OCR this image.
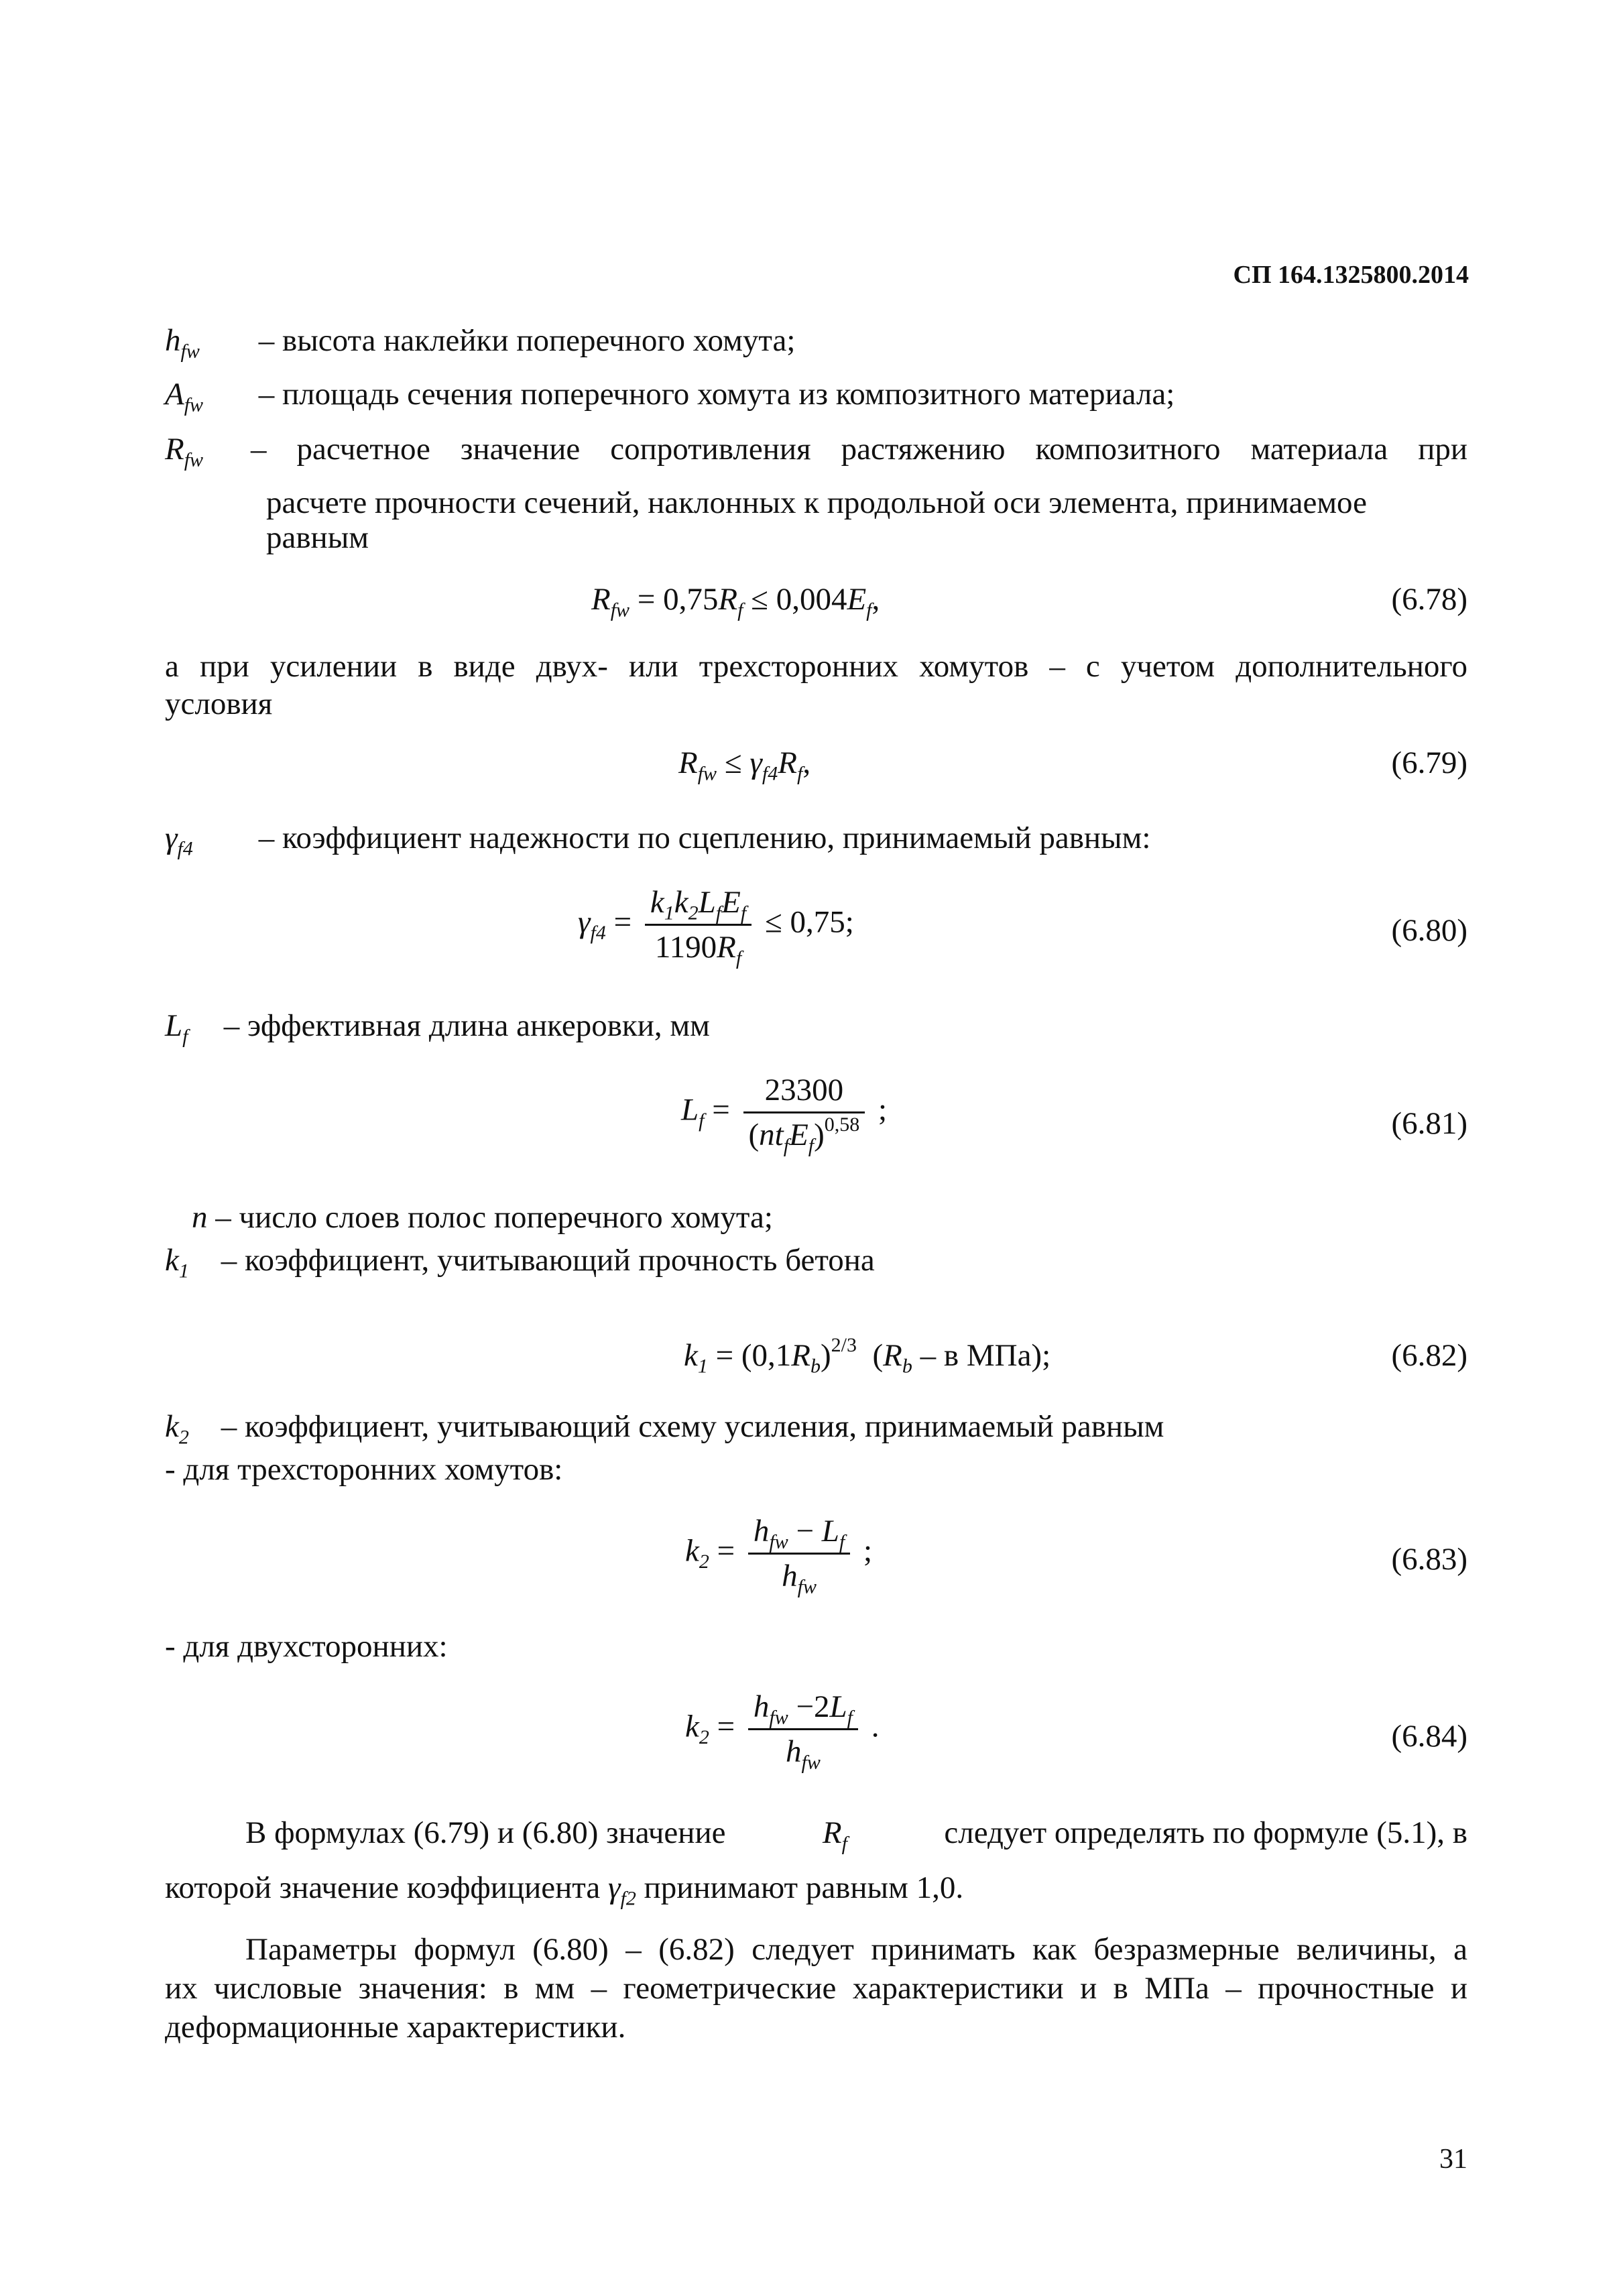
СП 164.1325800.2014
$h_{fw}$ – высота наклейки поперечного хомута;
$A_{fw}$ – площадь сечения поперечного хомута из композитного материала;
$R_{fw}$	– расчетное значение сопротивления растяжению композитного материала при
расчете прочности сечений, наклонных к продольной оси элемента, принимаемое
равным
$R_{fw} = 0,75R_f \le 0,004E_f$,	(6.78)
а при усилении в виде двух- или трехсторонних хомутов – с учетом дополнительного
условия
$R_{fw} \le \gamma_{f4}R_f$,	(6.79)
$\gamma_{f4}$ – коэффициент надежности по сцеплению, принимаемый равным:
$\gamma_{f4} = \frac{k_1k_2L_fE_f}{1190R_f} \le 0,75$;	(6.80)
$L_f$ – эффективная длина анкеровки, мм
$L_f = \frac{23300}{(nt_fE_f)^{0,58}}$ ;	(6.81)
n – число слоев полос поперечного хомута;
$k_1$ – коэффициент, учитывающий прочность бетона
$k_1 = (0,1R_b)^{2/3}$  ($R_b$ – в МПа);	(6.82)
$k_2$ – коэффициент, учитывающий схему усиления, принимаемый равным
- для трехсторонних хомутов:
$k_2 = \frac{h_{fw} - L_f}{h_{fw}}$ ;	(6.83)
- для двухсторонних:
$k_2 = \frac{h_{fw} -2L_f}{h_{fw}}$ .	(6.84)
В формулах (6.79) и (6.80) значение	$R_f$	следует определять по формуле (5.1), в
которой значение коэффициента $\gamma_{f2}$ принимают равным 1,0.
Параметры формул (6.80) – (6.82) следует принимать как безразмерные величины, а
их числовые значения: в мм – геометрические характеристики и в МПа – прочностные и
деформационные характеристики.
31
